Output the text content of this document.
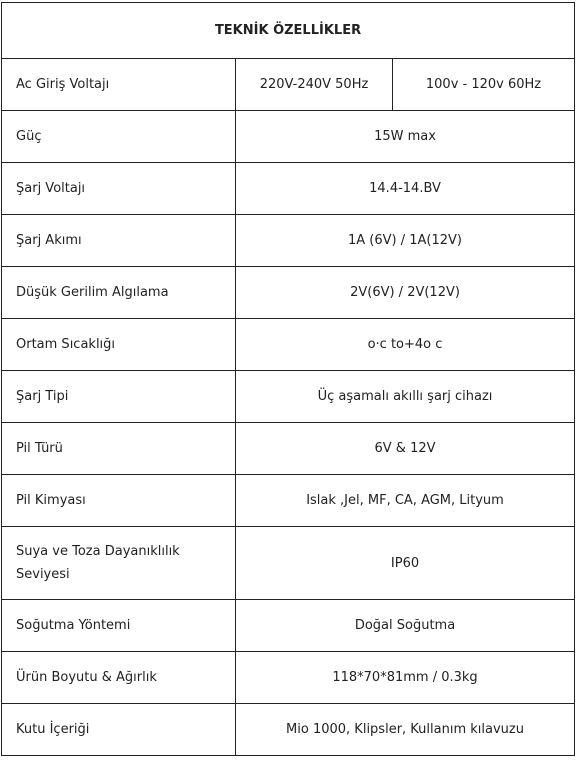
TEKNİK ÖZELLİKLER		
Ac Giriş Voltajı	220V-240V 50Hz	100v - 120v 60Hz
Güç	15W max	
Şarj Voltajı	14.4-14.BV	
Şarj Akımı	1A (6V) / 1A(12V)	
Düşük Gerilim Algılama	2V(6V) / 2V(12V)	
Ortam Sıcaklığı	o·c to+4o c	
Şarj Tipi	Üç aşamalı akıllı şarj cihazı	
Pil Türü	6V & 12V	
Pil Kimyası	Islak ,Jel, MF, CA, AGM, Lityum	
Suya ve Toza Dayanıklılık Seviyesi	IP60	
Soğutma Yöntemi	Doğal Soğutma	
Ürün Boyutu & Ağırlık	118*70*81mm / 0.3kg	
Kutu İçeriği	Mio 1000, Klipsler, Kullanım kılavuzu	
